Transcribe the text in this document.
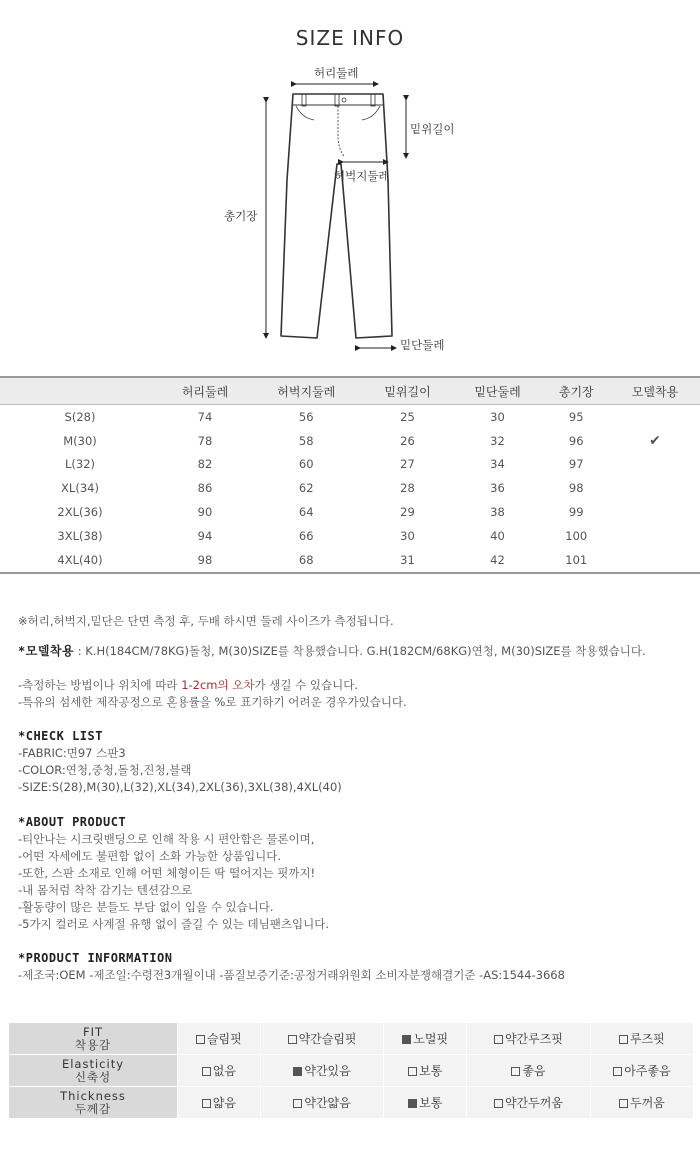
SIZE INFO
허리둘레
밑위길이
허벅지둘레
총기장
밑단둘레
	허리둘레	허벅지둘레	밑위길이	밑단둘레	총기장	모델착용
S(28)	74	56	25	30	95	
M(30)	78	58	26	32	96	✔
L(32)	82	60	27	34	97	
XL(34)	86	62	28	36	98	
2XL(36)	90	64	29	38	99	
3XL(38)	94	66	30	40	100	
4XL(40)	98	68	31	42	101	
※허리,허벅지,밑단은 단면 측정 후, 두배 하시면 둘레 사이즈가 측정됩니다.
*모델착용 : K.H(184CM/78KG)돌청, M(30)SIZE를 착용했습니다. G.H(182CM/68KG)연청, M(30)SIZE를 착용했습니다.
-측정하는 방법이나 위치에 따라 1-2cm의 오차가 생길 수 있습니다.
-특유의 섬세한 제작공정으로 혼용률을 %로 표기하기 어려운 경우가있습니다.
*CHECK LIST
-FABRIC:면97 스판3
-COLOR:연청,중청,돌청,진청,블랙
-SIZE:S(28),M(30),L(32),XL(34),2XL(36),3XL(38),4XL(40)
*ABOUT PRODUCT
-티안나는 시크릿밴딩으로 인해 착용 시 편안함은 물론이며,
-어떤 자세에도 불편함 없이 소화 가능한 상품입니다.
-또한, 스판 소재로 인해 어떤 체형이든 딱 떨어지는 핏까지!
-내 몸처럼 착착 감기는 텐션감으로
-활동량이 많은 분들도 부담 없이 입을 수 있습니다.
-5가지 컬러로 사계절 유행 없이 즐길 수 있는 데님팬츠입니다.
*PRODUCT INFORMATION
-제조국:OEM -제조일:수령전3개월이내 -품질보증기준:공정거래위원회 소비자분쟁해결기준 -AS:1544-3668
FIT
착용감	슬림핏	약간슬림핏	노멀핏	약간루즈핏	루즈핏

Elasticity
신축성	없음	약간있음	보통	좋음	아주좋음

Thickness
두께감	얇음	약간얇음	보통	약간두꺼움	두꺼움
